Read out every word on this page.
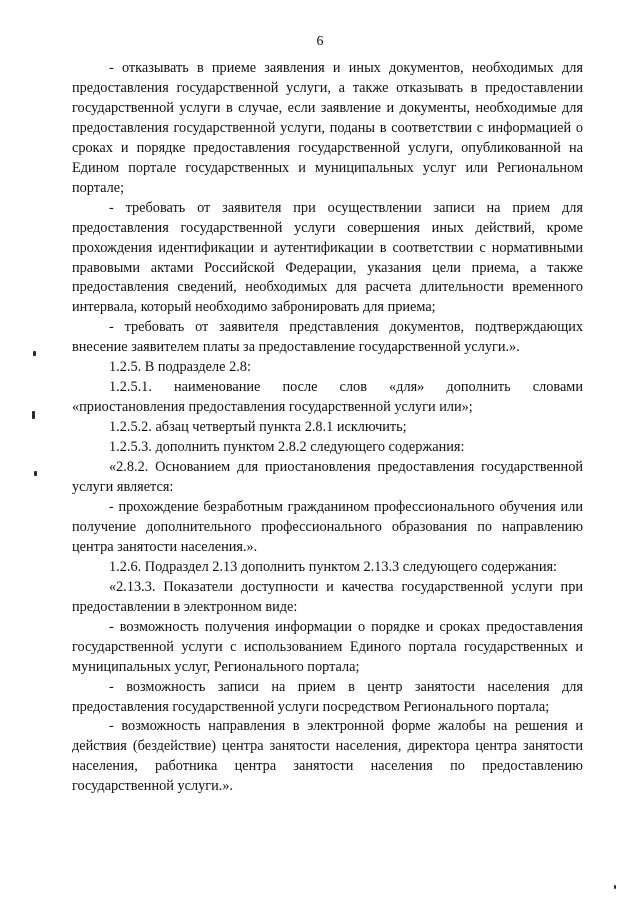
6

- отказывать в приеме заявления и иных документов, необходимых для предоставления государственной услуги, а также отказывать в предоставлении государственной услуги в случае, если заявление и документы, необходимые для предоставления государственной услуги, поданы в соответствии с информацией о сроках и порядке предоставления государственной услуги, опубликованной на Едином портале государственных и муниципальных услуг или Региональном портале;

- требовать от заявителя при осуществлении записи на прием для предоставления государственной услуги совершения иных действий, кроме прохождения идентификации и аутентификации в соответствии с нормативными правовыми актами Российской Федерации, указания цели приема, а также предоставления сведений, необходимых для расчета длительности временного интервала, который необходимо забронировать для приема;

- требовать от заявителя представления документов, подтверждающих внесение заявителем платы за предоставление государственной услуги.».

1.2.5. В подразделе 2.8:

1.2.5.1. наименование после слов «для» дополнить словами «приостановления предоставления государственной услуги или»;

1.2.5.2. абзац четвертый пункта 2.8.1 исключить;

1.2.5.3. дополнить пунктом 2.8.2 следующего содержания:

«2.8.2. Основанием для приостановления предоставления государственной услуги является:

- прохождение безработным гражданином профессионального обучения или получение дополнительного профессионального образования по направлению центра занятости населения.».

1.2.6. Подраздел 2.13 дополнить пунктом 2.13.3 следующего содержания:

«2.13.3. Показатели доступности и качества государственной услуги при предоставлении в электронном виде:

- возможность получения информации о порядке и сроках предоставления государственной услуги с использованием Единого портала государственных и муниципальных услуг, Регионального портала;

- возможность записи на прием в центр занятости населения для предоставления государственной услуги посредством Регионального портала;

- возможность направления в электронной форме жалобы на решения и действия (бездействие) центра занятости населения, директора центра занятости населения, работника центра занятости населения по предоставлению государственной услуги.».
